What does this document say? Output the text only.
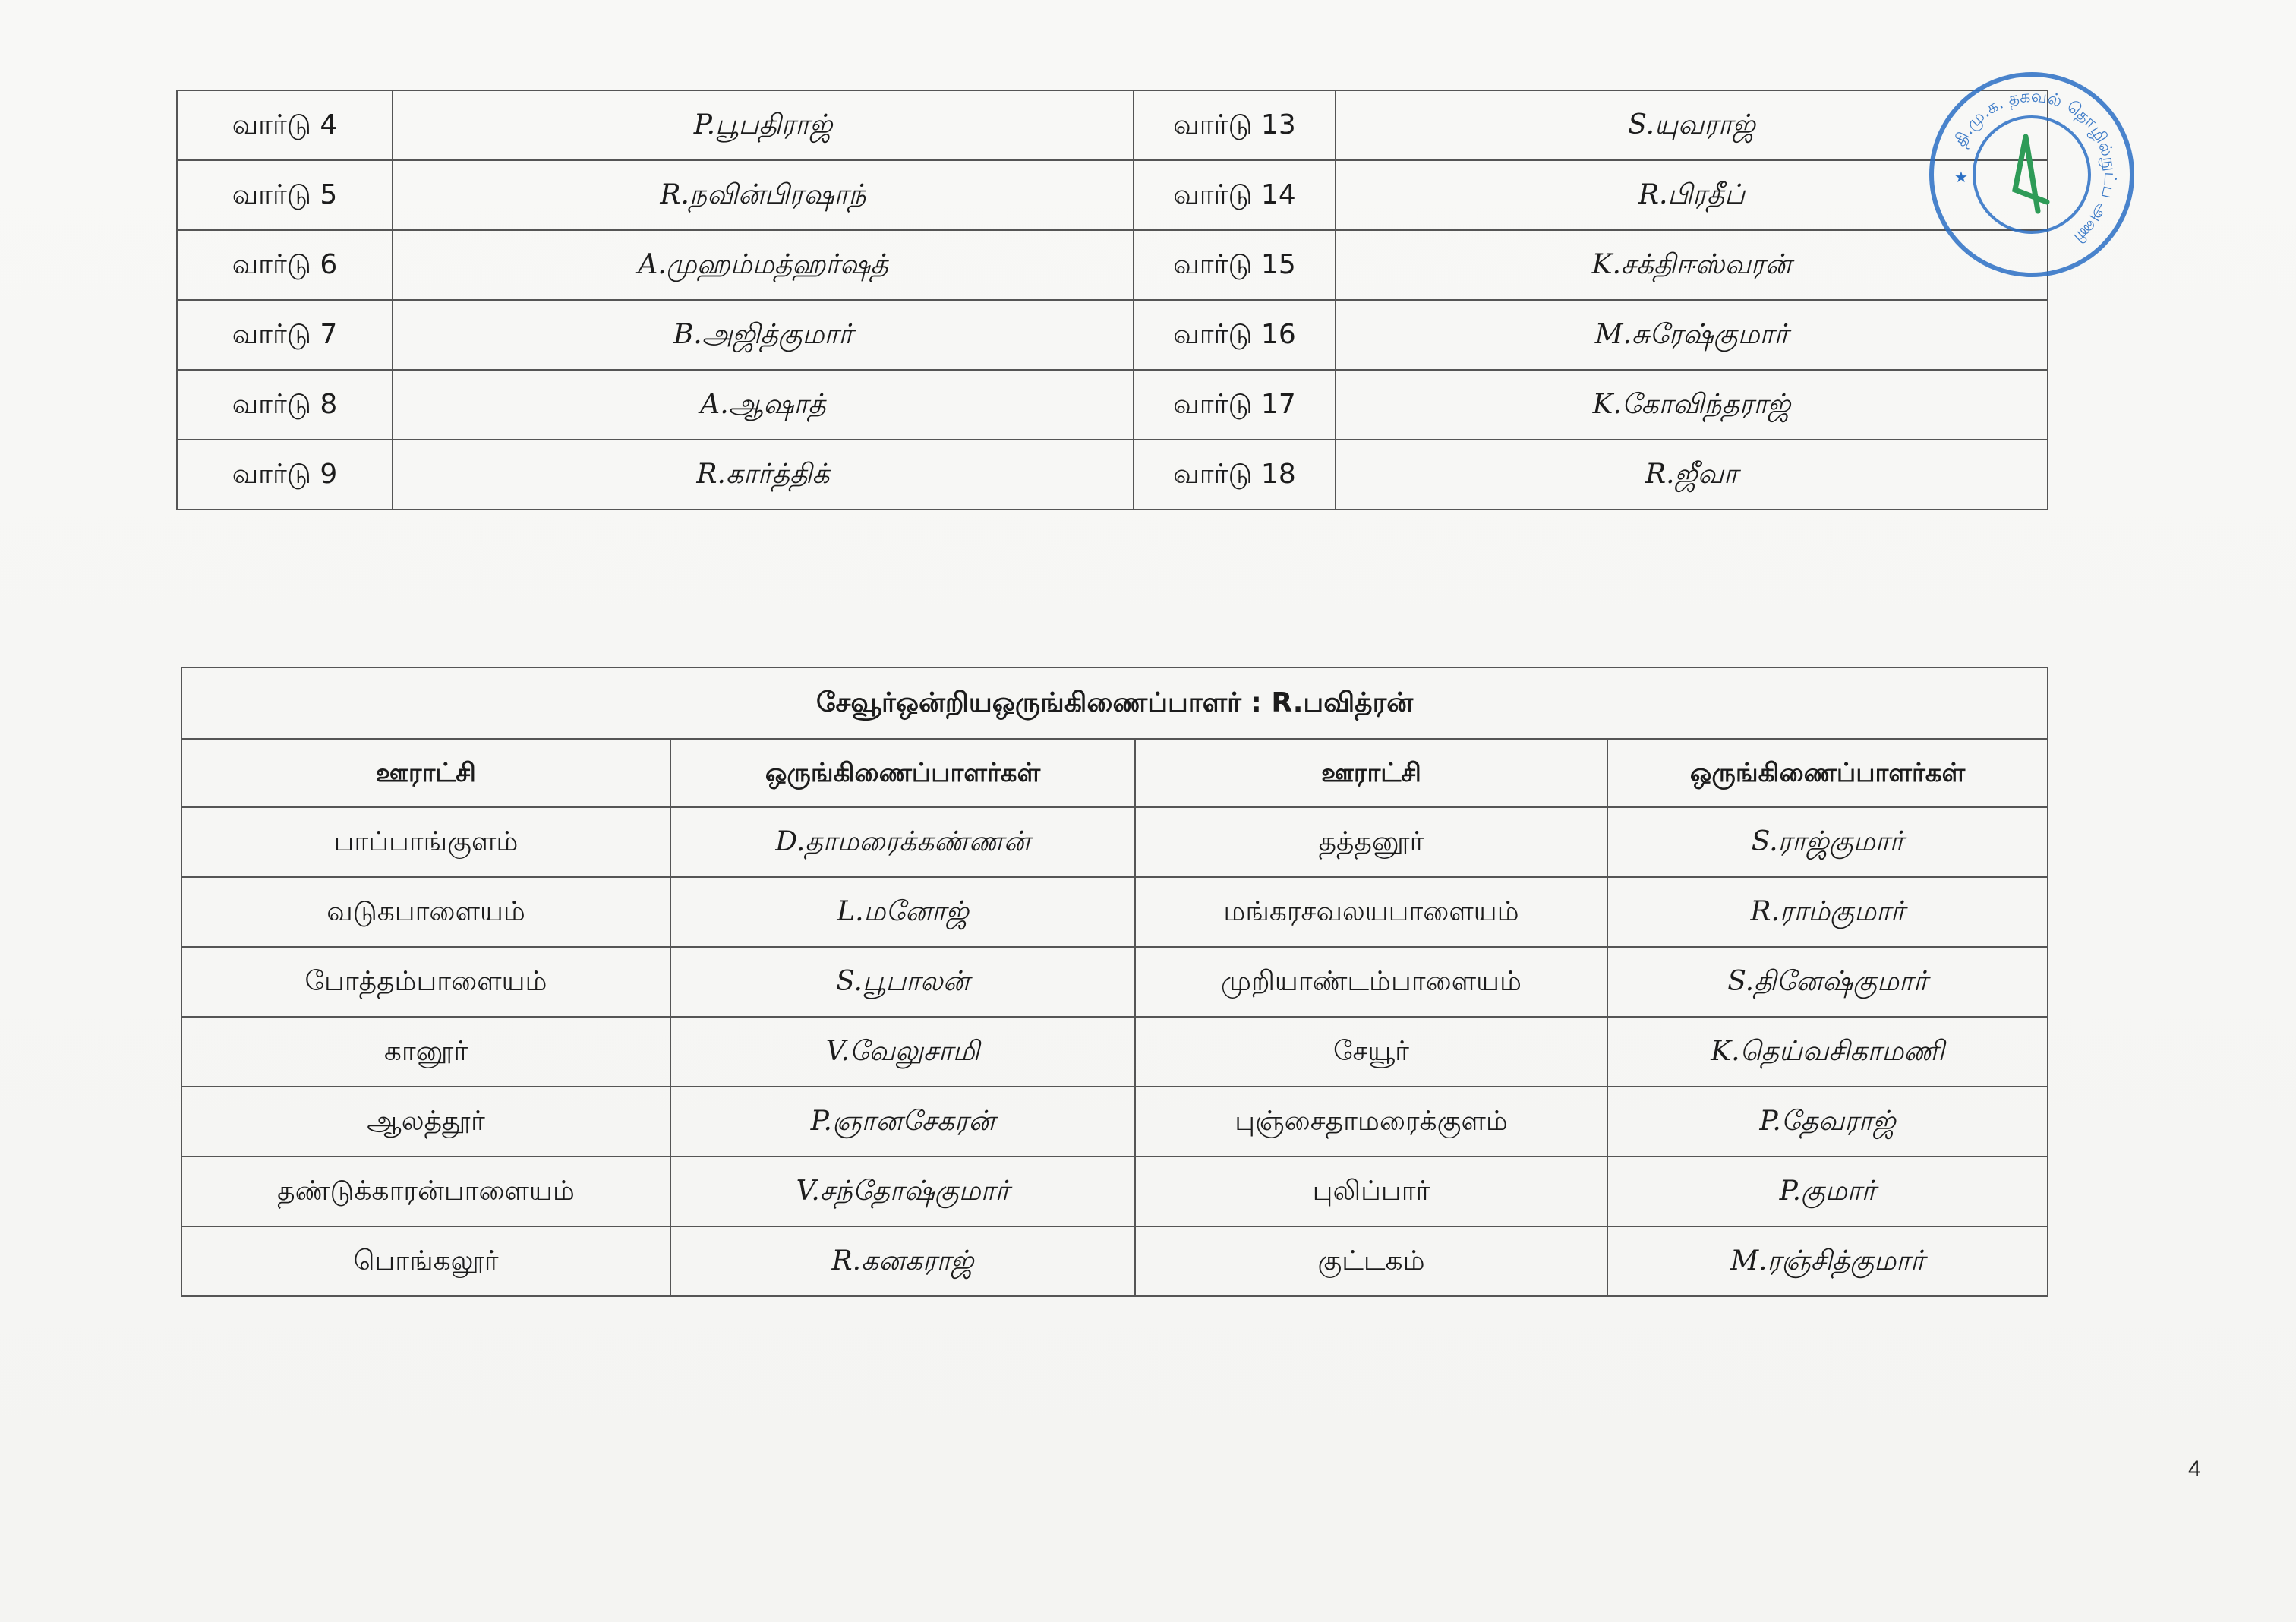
வார்டு 4	P.பூபதிராஜ்	வார்டு 13	S.யுவராஜ்
வார்டு 5	R.நவின்பிரஷாந்	வார்டு 14	R.பிரதீப்
வார்டு 6	A.முஹம்மத்ஹர்ஷத்	வார்டு 15	K.சக்திஈஸ்வரன்
வார்டு 7	B.அஜித்குமார்	வார்டு 16	M.சுரேஷ்குமார்
வார்டு 8	A.ஆஷாத்	வார்டு 17	K.கோவிந்தராஜ்
வார்டு 9	R.கார்த்திக்	வார்டு 18	R.ஜீவா
தி.மு.க. தகவல் தொழில்நுட்ப அணி
★
சேவூர்ஒன்றியஒருங்கிணைப்பாளர் : R.பவித்ரன்			
ஊராட்சி	ஒருங்கிணைப்பாளர்கள்	ஊராட்சி	ஒருங்கிணைப்பாளர்கள்
பாப்பாங்குளம்	D.தாமரைக்கண்ணன்	தத்தனூர்	S.ராஜ்குமார்
வடுகபாளையம்	L.மனோஜ்	மங்கரசவலயபாளையம்	R.ராம்குமார்
போத்தம்பாளையம்	S.பூபாலன்	முறியாண்டம்பாளையம்	S.தினேஷ்குமார்
கானூர்	V.வேலுசாமி	சேயூர்	K.தெய்வசிகாமணி
ஆலத்தூர்	P.ஞானசேகரன்	புஞ்சைதாமரைக்குளம்	P.தேவராஜ்
தண்டுக்காரன்பாளையம்	V.சந்தோஷ்குமார்	புலிப்பார்	P.குமார்
பொங்கலூர்	R.கனகராஜ்	குட்டகம்	M.ரஞ்சித்குமார்
4
